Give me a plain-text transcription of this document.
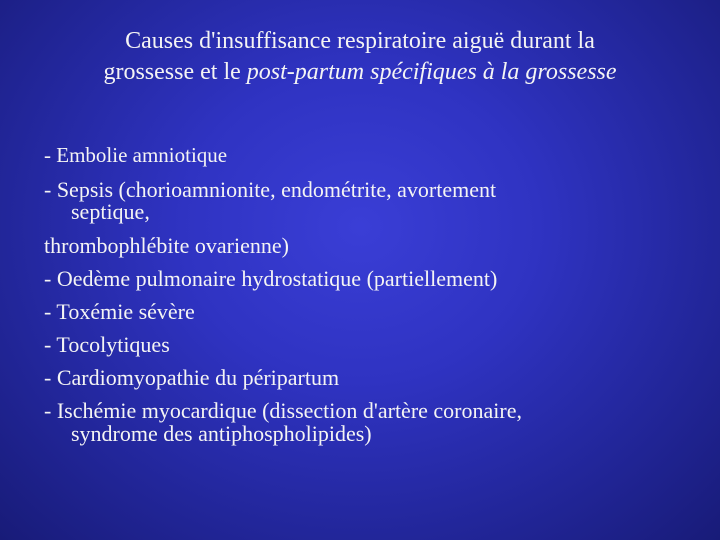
Causes d'insuffisance respiratoire aiguë durant la
grossesse et le post-partum spécifiques à la grossesse
- Embolie amniotique
- Sepsis (chorioamnionite, endométrite, avortement
septique,
thrombophlébite ovarienne)
- Oedème pulmonaire hydrostatique (partiellement)
- Toxémie sévère
- Tocolytiques
- Cardiomyopathie du péripartum
- Ischémie myocardique (dissection d'artère coronaire,
syndrome des antiphospholipides)
